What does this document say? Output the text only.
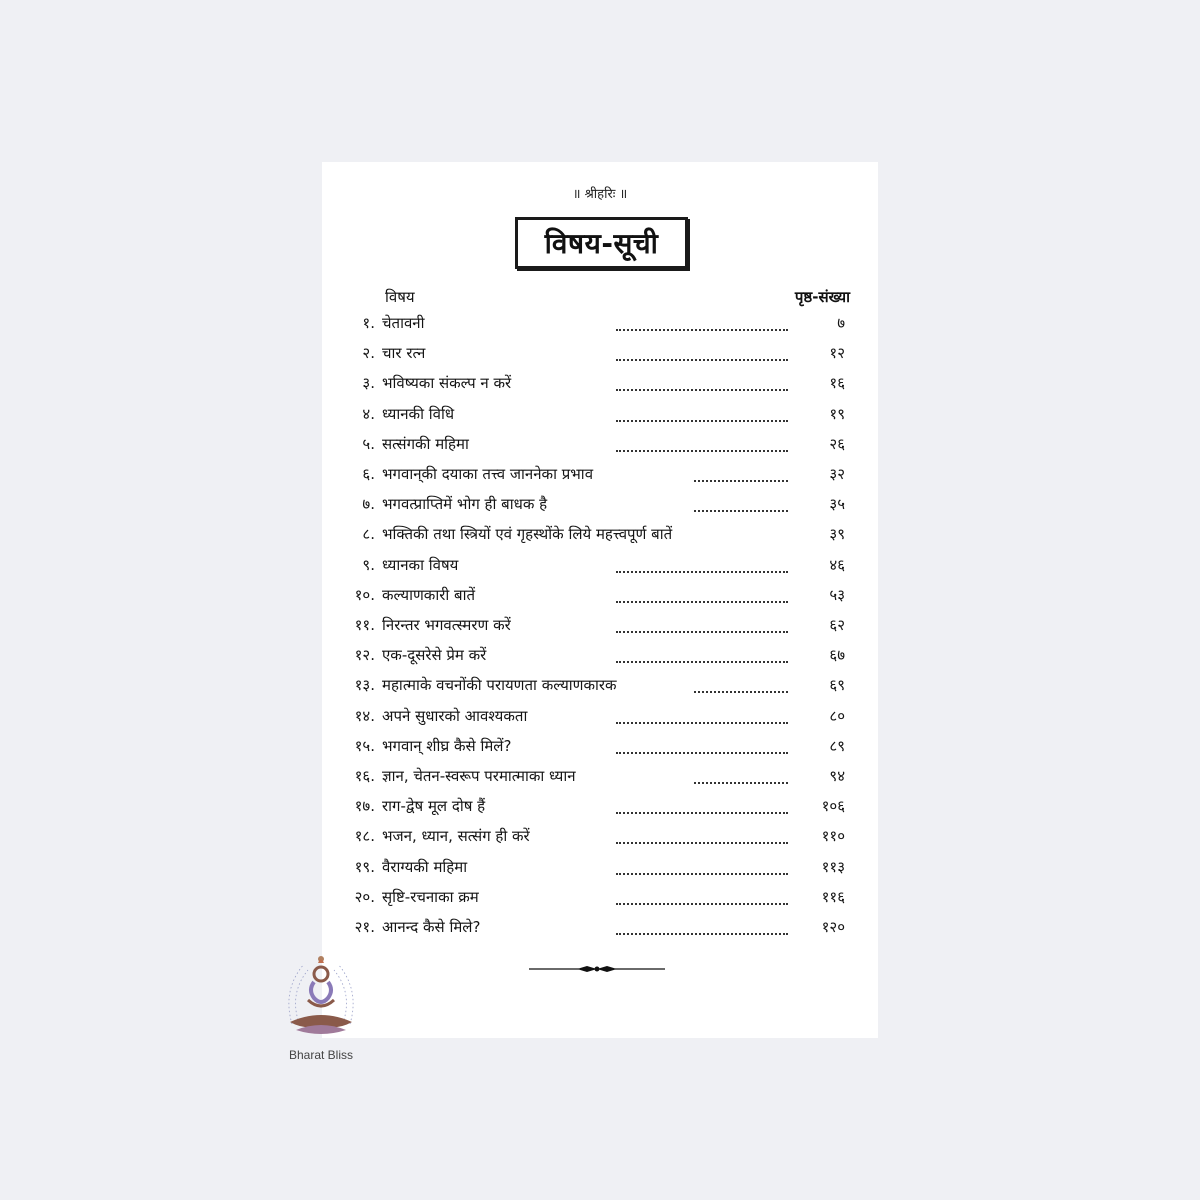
॥ श्रीहरिः ॥
विषय-सूची
विषय	पृष्ठ-संख्या
१. चेतावनी	७
२. चार रत्न	१२
३. भविष्यका संकल्प न करें	१६
४. ध्यानकी विधि	१९
५. सत्संगकी महिमा	२६
६. भगवान्‌की दयाका तत्त्व जाननेका प्रभाव	३२
७. भगवत्प्राप्तिमें भोग ही बाधक है	३५
८. भक्तिकी तथा स्त्रियों एवं गृहस्थोंके लिये महत्त्वपूर्ण बातें	३९
९. ध्यानका विषय	४६
१०. कल्याणकारी बातें	५३
११. निरन्तर भगवत्स्मरण करें	६२
१२. एक-दूसरेसे प्रेम करें	६७
१३. महात्माके वचनोंकी परायणता कल्याणकारक	६९
१४. अपने सुधारको आवश्यकता	८०
१५. भगवान् शीघ्र कैसे मिलें?	८९
१६. ज्ञान, चेतन-स्वरूप परमात्माका ध्यान	९४
१७. राग-द्वेष मूल दोष हैं	१०६
१८. भजन, ध्यान, सत्संग ही करें	११०
१९. वैराग्यकी महिमा	११३
२०. सृष्टि-रचनाका क्रम	११६
२१. आनन्द कैसे मिले?	१२०
Bharat Bliss
